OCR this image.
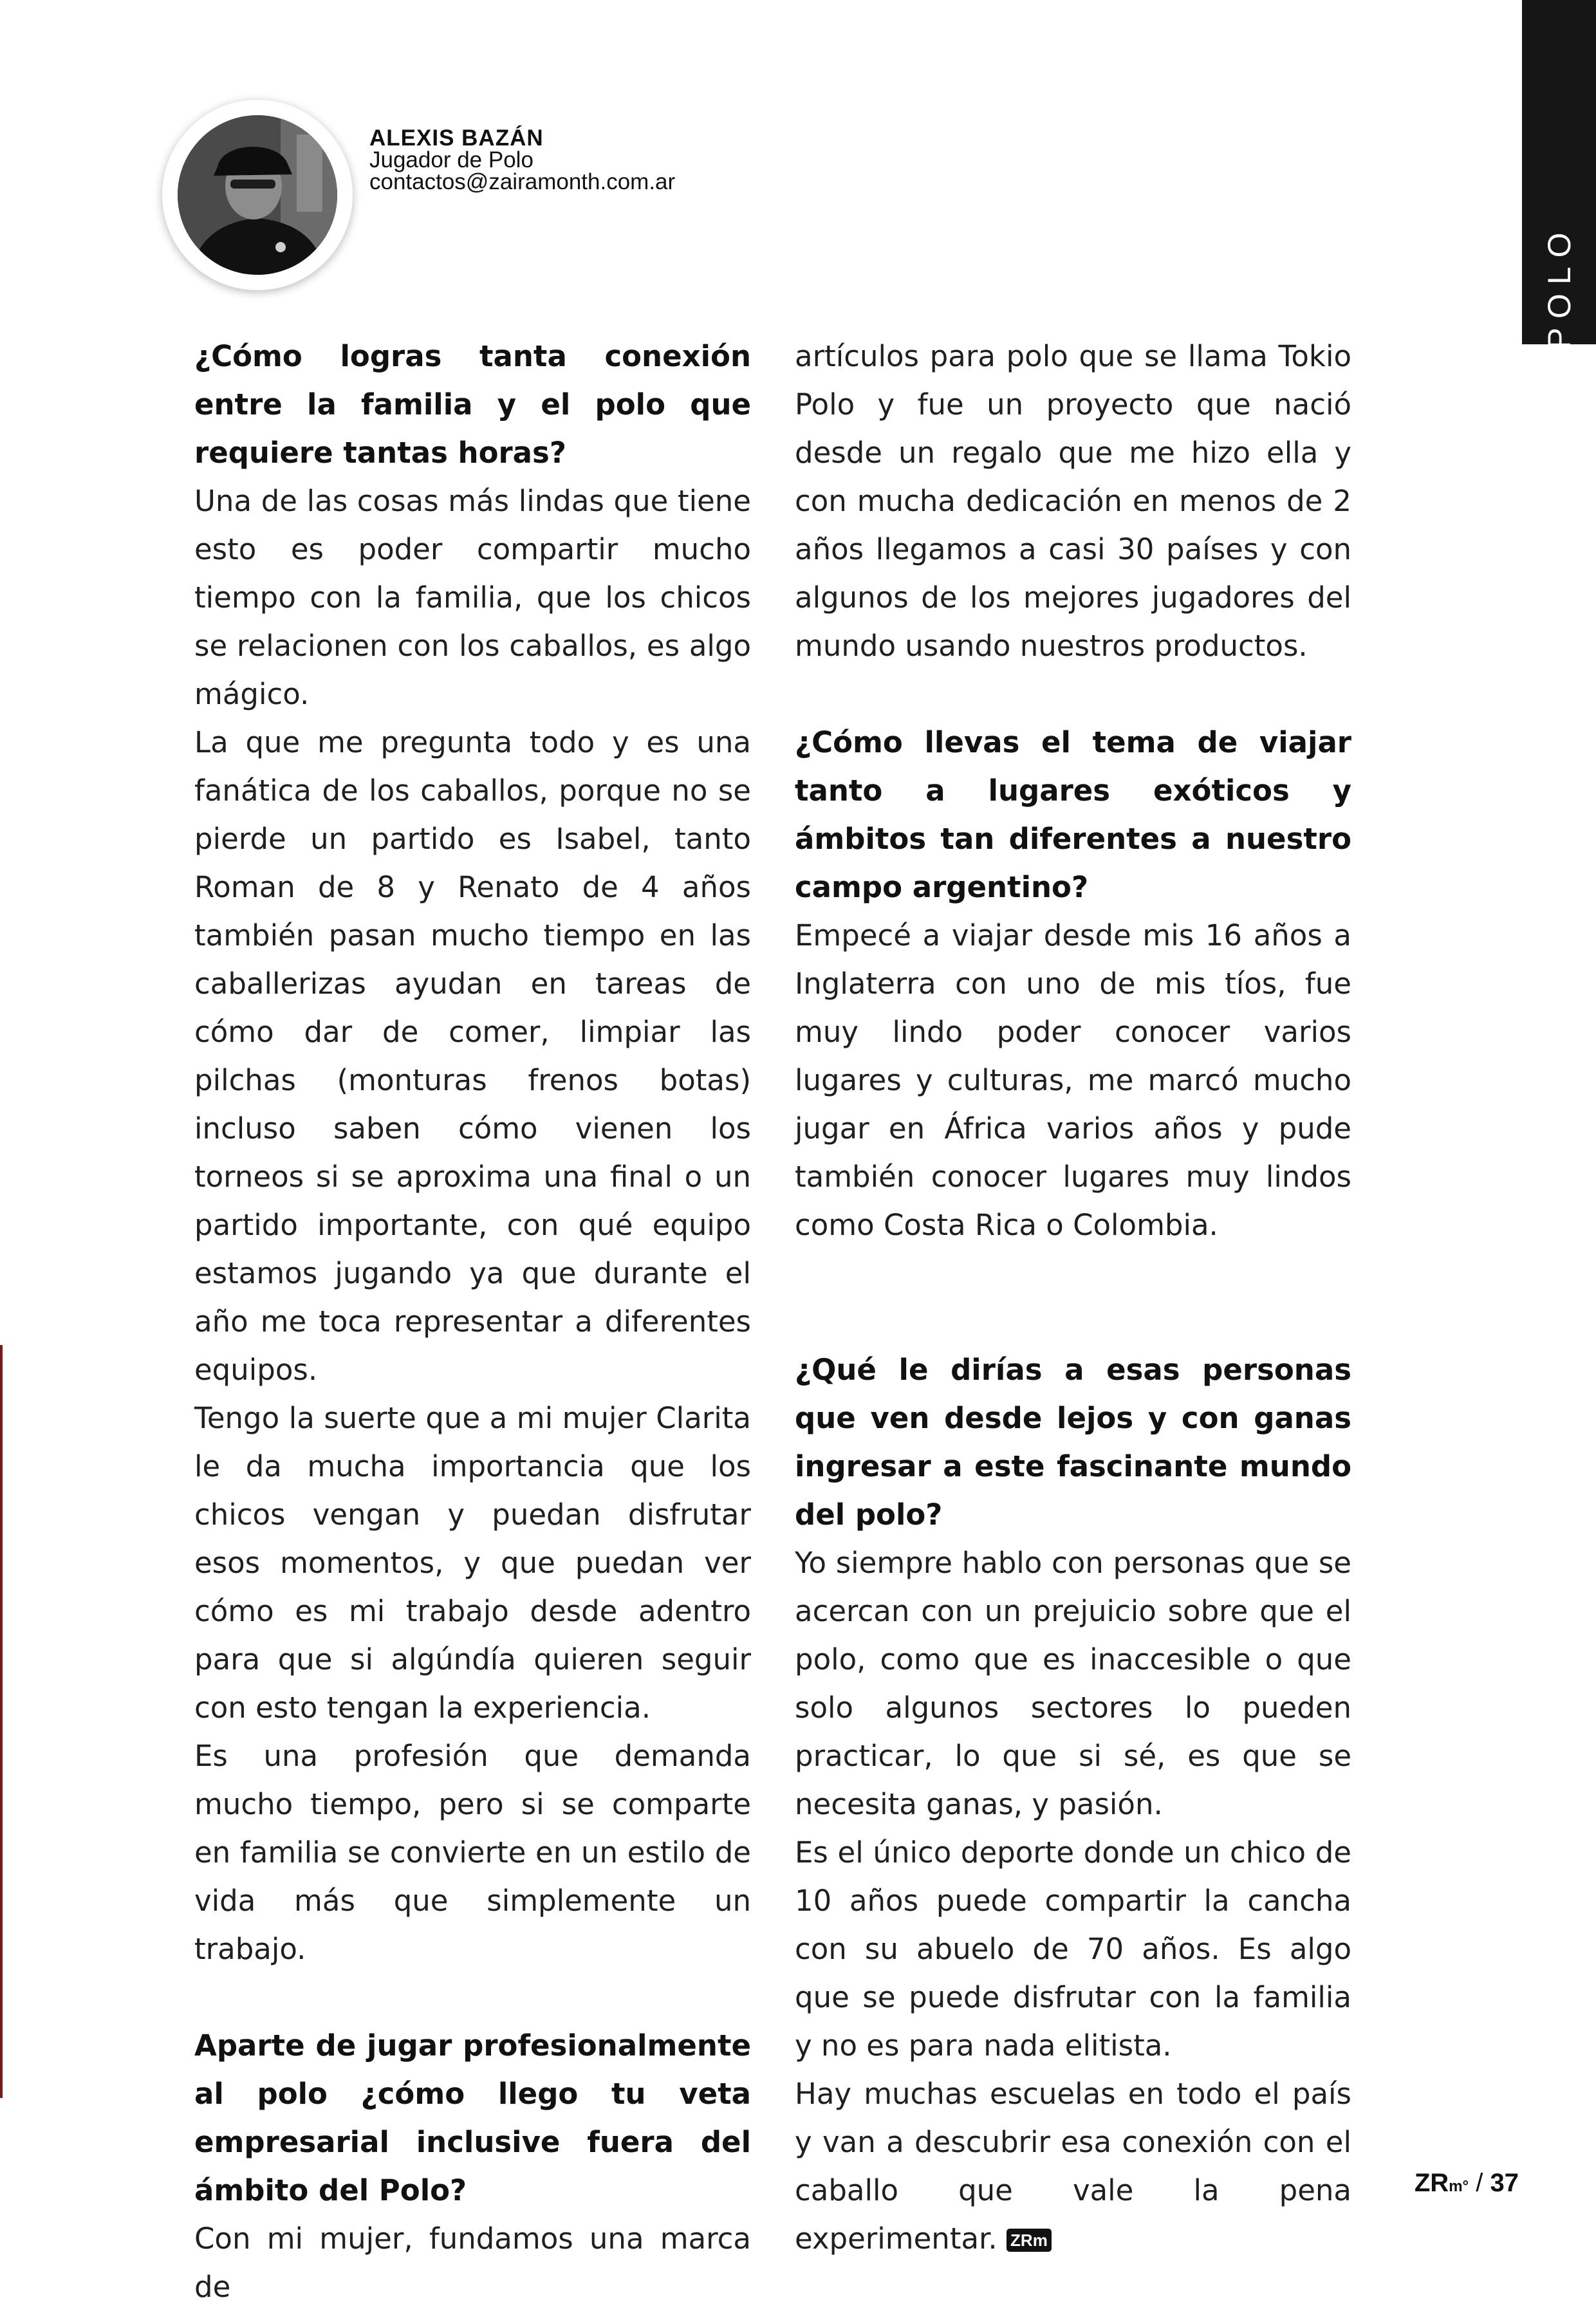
POLO
ALEXIS BAZÁN
Jugador de Polo
contactos@zairamonth.com.ar

¿Cómo logras tanta conexión entre la familia y el polo que requiere tantas horas?

Una de las cosas más lindas que tiene esto es poder compartir mucho tiempo con la familia, que los chicos se relacionen con los caballos, es algo mágico.

La que me pregunta todo y es una fanática de los caballos, porque no se pierde un partido es Isabel, tanto Roman de 8 y Renato de 4 años también pasan mucho tiempo en las caballerizas ayudan en tareas de cómo dar de comer, limpiar las pilchas (monturas frenos botas) incluso saben cómo vienen los torneos si se aproxima una final o un partido importante, con qué equipo estamos jugando ya que durante el año me toca representar a diferentes equipos.

Tengo la suerte que a mi mujer Clarita le da mucha importancia que los chicos vengan y puedan disfrutar esos momentos, y que puedan ver cómo es mi trabajo desde adentro para que si algúndía quieren seguir con esto tengan la experiencia.

Es una profesión que demanda mucho tiempo, pero si se comparte en familia se convierte en un estilo de vida más que simplemente un trabajo.

Aparte de jugar profesionalmente al polo ¿cómo llego tu veta empresarial inclusive fuera del ámbito del Polo?

Con mi mujer, fundamos una marca de

artículos para polo que se llama Tokio Polo y fue un proyecto que nació desde un regalo que me hizo ella y con mucha dedicación en menos de 2 años llegamos a casi 30 países y con algunos de los mejores jugadores del mundo usando nuestros productos.

¿Cómo llevas el tema de viajar tanto a lugares exóticos y ámbitos tan diferentes a nuestro campo argentino?

Empecé a viajar desde mis 16 años a Inglaterra con uno de mis tíos, fue muy lindo poder conocer varios lugares y culturas, me marcó mucho jugar en África varios años y pude también conocer lugares muy lindos como Costa Rica o Colombia.

¿Qué le dirías a esas personas que ven desde lejos y con ganas ingresar a este fascinante mundo del polo?

Yo siempre hablo con personas que se acercan con un prejuicio sobre que el polo, como que es inaccesible o que solo algunos sectores lo pueden practicar, lo que si sé, es que se necesita ganas, y pasión.

Es el único deporte donde un chico de 10 años puede compartir la cancha con su abuelo de 70 años. Es algo que se puede disfrutar con la familia y no es para nada elitista.

Hay muchas escuelas en todo el país y van a descubrir esa conexión con el caballo que vale la pena experimentar. ZRm

ZRm° / 37
